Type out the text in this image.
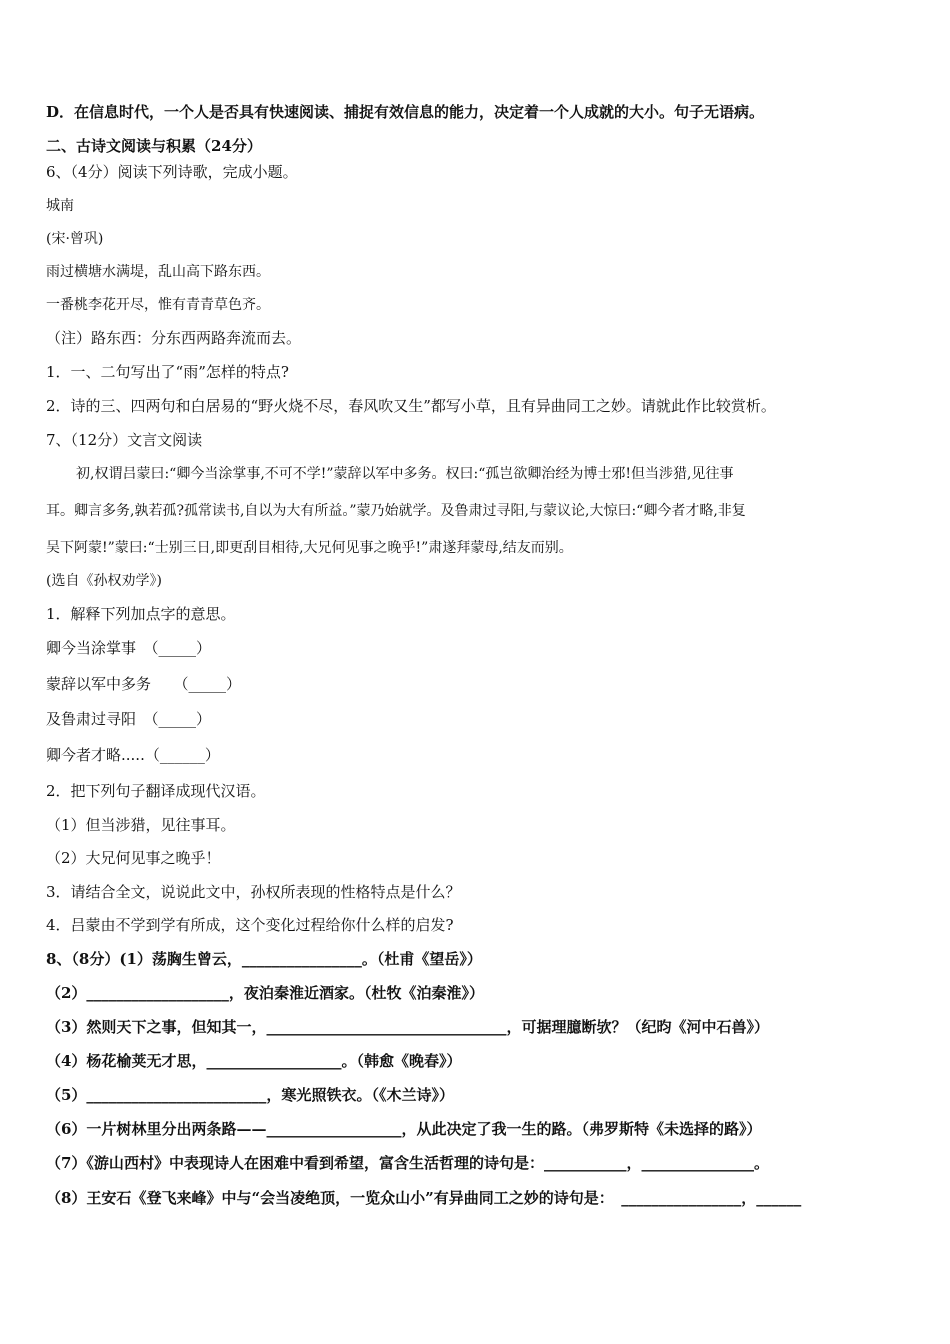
D．在信息时代，一个人是否具有快速阅读、捕捉有效信息的能力，决定着一个人成就的大小。句子无语病。
二、古诗文阅读与积累（24分）
6、（4分）阅读下列诗歌，完成小题。
城南
(宋·曾巩)
雨过横塘水满堤，乱山高下路东西。
一番桃李花开尽，惟有青青草色齐。
（注）路东西：分东西两路奔流而去。
1．一、二句写出了“雨”怎样的特点?
2．诗的三、四两句和白居易的“野火烧不尽，春风吹又生”都写小草，且有异曲同工之妙。请就此作比较赏析。
7、（12分）文言文阅读
初,权谓吕蒙曰:“卿今当涂掌事,不可不学!”蒙辞以军中多务。权曰:“孤岂欲卿治经为博士邪!但当涉猎,见往事
耳。卿言多务,孰若孤?孤常读书,自以为大有所益。”蒙乃始就学。及鲁肃过寻阳,与蒙议论,大惊曰:“卿今者才略,非复
吴下阿蒙!”蒙曰:“士别三日,即更刮目相待,大兄何见事之晚乎!”肃遂拜蒙母,结友而别。
(选自《孙权劝学》)
1．解释下列加点字的意思。
卿今当涂掌事　（_____）
蒙辞以军中多务　　（_____）
及鲁肃过寻阳　（_____）
卿今者才略.....（______）
2．把下列句子翻译成现代汉语。
（1）但当涉猎，见往事耳。
（2）大兄何见事之晚乎！
3．请结合全文，说说此文中，孙权所表现的性格特点是什么？
4．吕蒙由不学到学有所成，这个变化过程给你什么样的启发?
8、（8分）(1）荡胸生曾云，________________。（杜甫《望岳》）
（2）___________________，夜泊秦淮近酒家。（杜牧《泊秦淮》）
（3）然则天下之事，但知其一，________________________________，可据理臆断欤？（纪昀《河中石兽》）
（4）杨花榆荚无才思，__________________。（韩愈《晚春》）
（5）________________________，寒光照铁衣。（《木兰诗》）
（6）一片树林里分出两条路——__________________，从此决定了我一生的路。（弗罗斯特《未选择的路》）
（7）《游山西村》中表现诗人在困难中看到希望，富含生活哲理的诗句是：___________，_______________。
（8）王安石《登飞来峰》中与“会当凌绝顶，一览众山小”有异曲同工之妙的诗句是：　________________，______
